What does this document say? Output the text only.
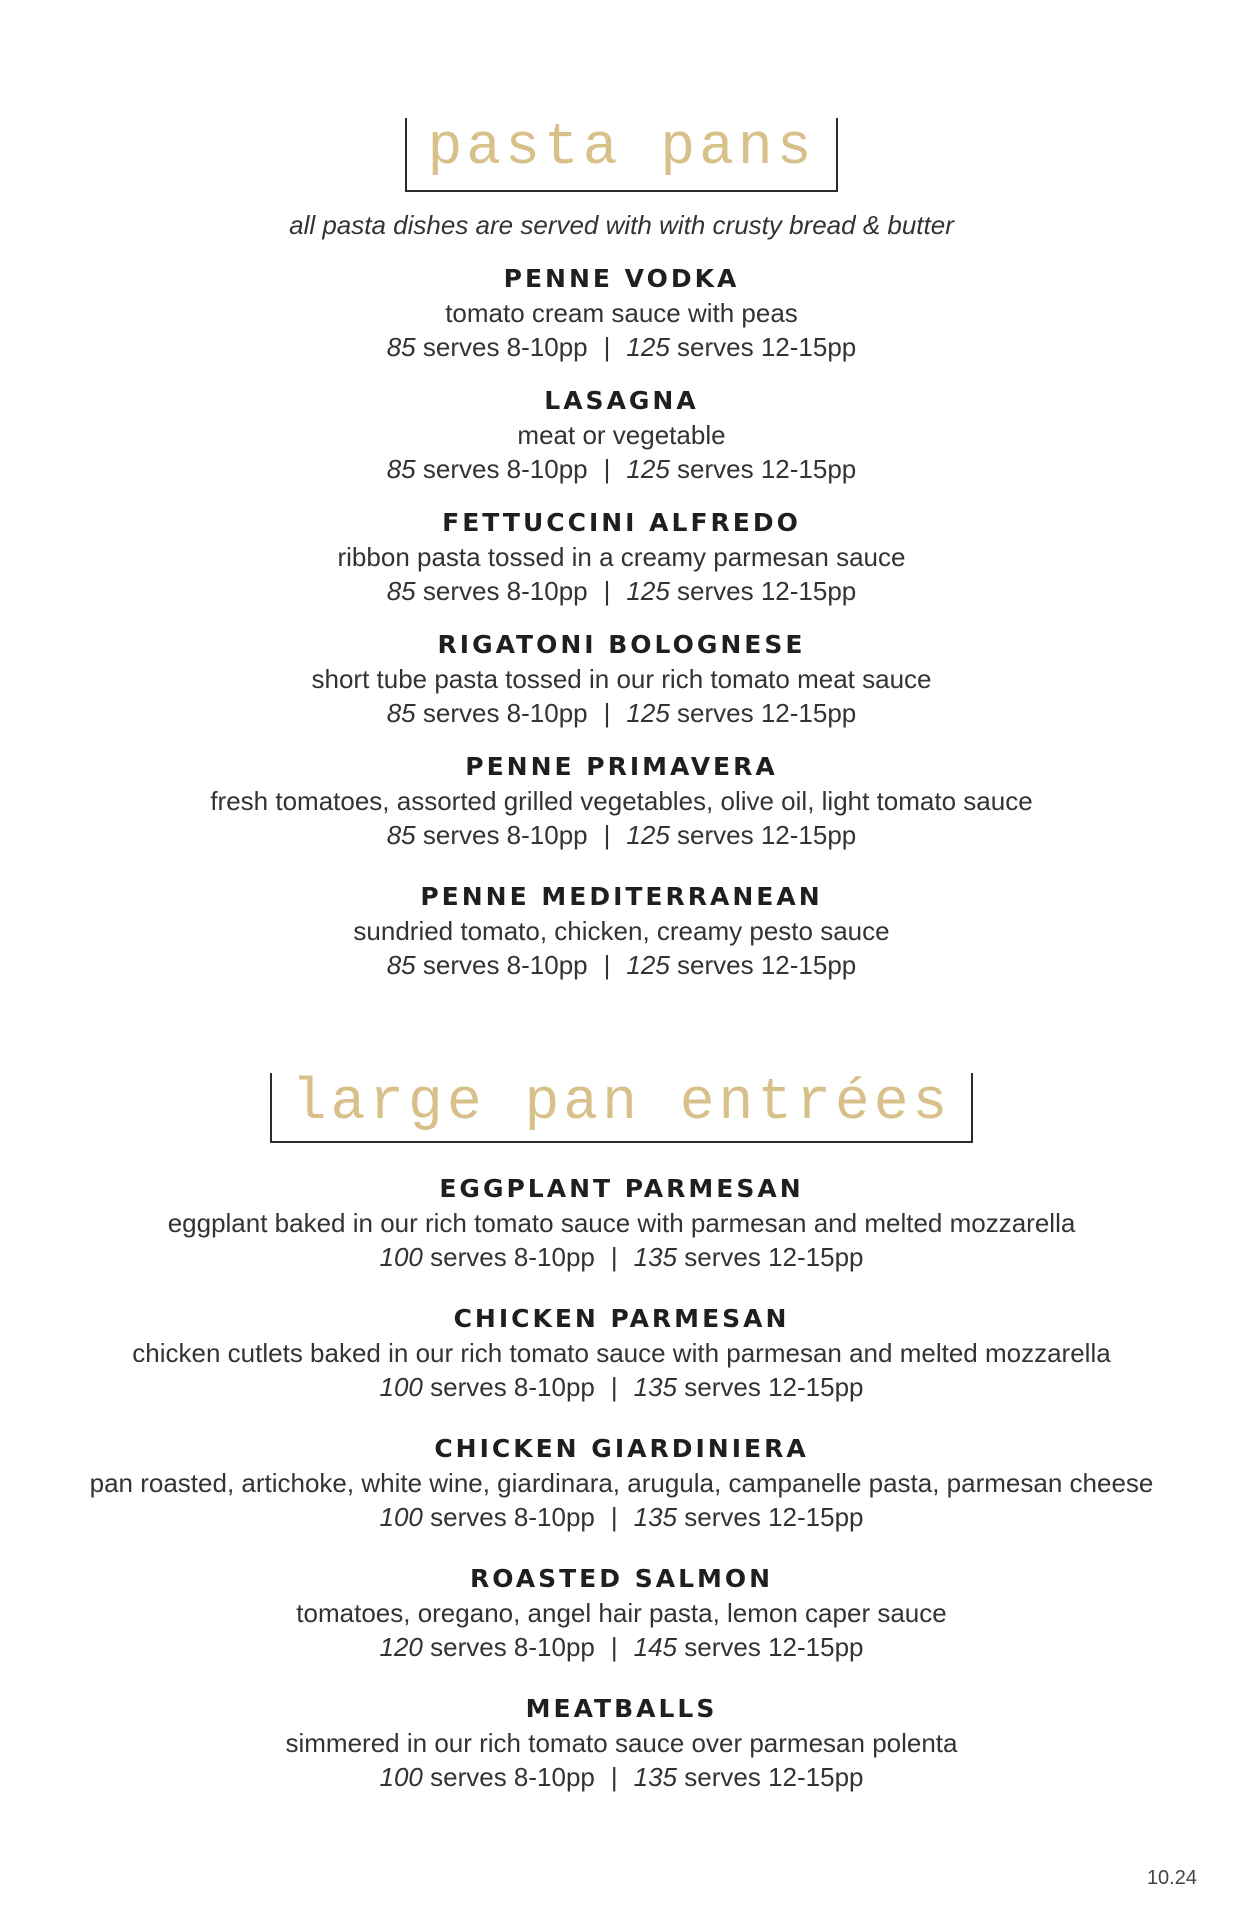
pasta pans
all pasta dishes are served with with crusty bread & butter
PENNE VODKA
tomato cream sauce with peas
85 serves 8-10pp | 125 serves 12-15pp
LASAGNA
meat or vegetable
85 serves 8-10pp | 125 serves 12-15pp
FETTUCCINI ALFREDO
ribbon pasta tossed in a creamy parmesan sauce
85 serves 8-10pp | 125 serves 12-15pp
RIGATONI BOLOGNESE
short tube pasta tossed in our rich tomato meat sauce
85 serves 8-10pp | 125 serves 12-15pp
PENNE PRIMAVERA
fresh tomatoes, assorted grilled vegetables, olive oil, light tomato sauce
85 serves 8-10pp | 125 serves 12-15pp
PENNE MEDITERRANEAN
sundried tomato, chicken, creamy pesto sauce
85 serves 8-10pp | 125 serves 12-15pp
large pan entrées
EGGPLANT PARMESAN
eggplant baked in our rich tomato sauce with parmesan and melted mozzarella
100 serves 8-10pp | 135 serves 12-15pp
CHICKEN PARMESAN
chicken cutlets baked in our rich tomato sauce with parmesan and melted mozzarella
100 serves 8-10pp | 135 serves 12-15pp
CHICKEN GIARDINIERA
pan roasted, artichoke, white wine, giardinara, arugula, campanelle pasta, parmesan cheese
100 serves 8-10pp | 135 serves 12-15pp
ROASTED SALMON
tomatoes, oregano, angel hair pasta, lemon caper sauce
120 serves 8-10pp | 145 serves 12-15pp
MEATBALLS
simmered in our rich tomato sauce over parmesan polenta
100 serves 8-10pp | 135 serves 12-15pp
10.24
